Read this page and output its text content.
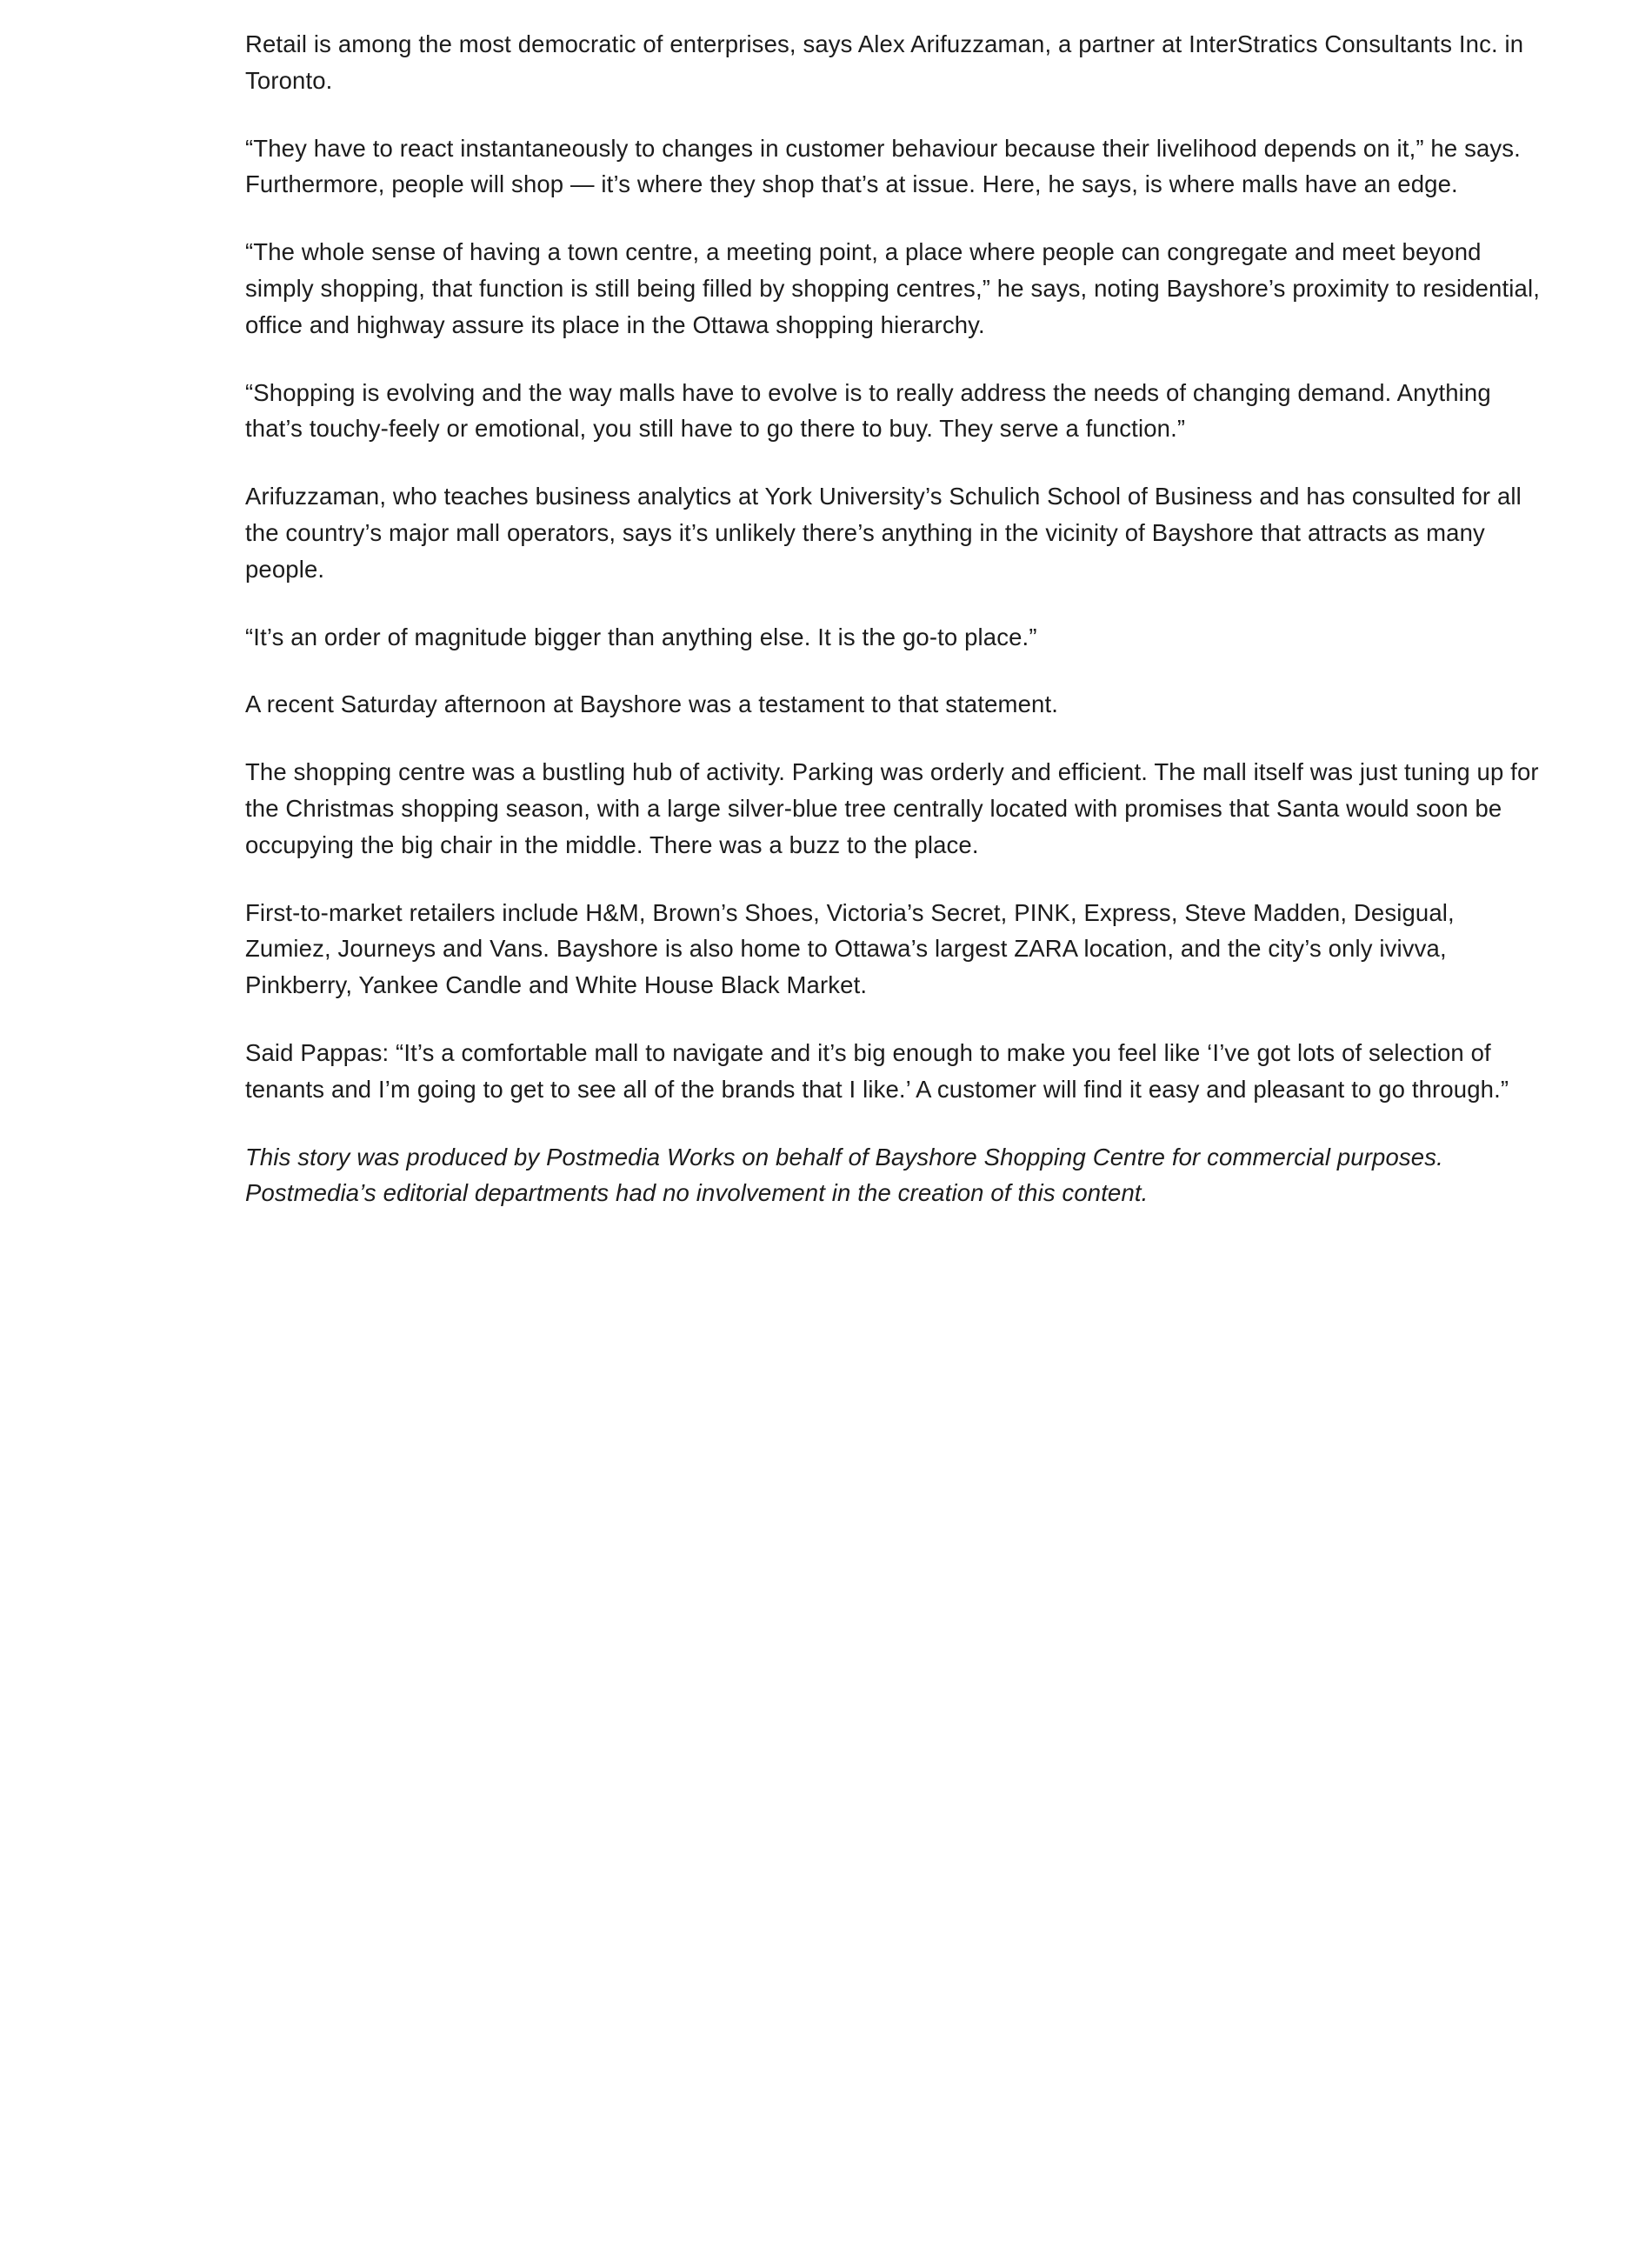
Retail is among the most democratic of enterprises, says Alex Arifuzzaman, a partner at InterStratics Consultants Inc. in Toronto.

“They have to react instantaneously to changes in customer behaviour because their livelihood depends on it,” he says. Furthermore, people will shop — it’s where they shop that’s at issue. Here, he says, is where malls have an edge.

“The whole sense of having a town centre, a meeting point, a place where people can congregate and meet beyond simply shopping, that function is still being filled by shopping centres,” he says, noting Bayshore’s proximity to residential, office and highway assure its place in the Ottawa shopping hierarchy.

“Shopping is evolving and the way malls have to evolve is to really address the needs of changing demand. Anything that’s touchy-feely or emotional, you still have to go there to buy. They serve a function.”

Arifuzzaman, who teaches business analytics at York University’s Schulich School of Business and has consulted for all the country’s major mall operators, says it’s unlikely there’s anything in the vicinity of Bayshore that attracts as many people.

“It’s an order of magnitude bigger than anything else. It is the go-to place.”

A recent Saturday afternoon at Bayshore was a testament to that statement.

The shopping centre was a bustling hub of activity. Parking was orderly and efficient. The mall itself was just tuning up for the Christmas shopping season, with a large silver-blue tree centrally located with promises that Santa would soon be occupying the big chair in the middle. There was a buzz to the place.

First-to-market retailers include H&M, Brown’s Shoes, Victoria’s Secret, PINK, Express, Steve Madden, Desigual, Zumiez, Journeys and Vans. Bayshore is also home to Ottawa’s largest ZARA location, and the city’s only ivivva, Pinkberry, Yankee Candle and White House Black Market.

Said Pappas: “It’s a comfortable mall to navigate and it’s big enough to make you feel like ‘I’ve got lots of selection of tenants and I’m going to get to see all of the brands that I like.’ A customer will find it easy and pleasant to go through.”

This story was produced by Postmedia Works on behalf of Bayshore Shopping Centre for commercial purposes. Postmedia’s editorial departments had no involvement in the creation of this content.
